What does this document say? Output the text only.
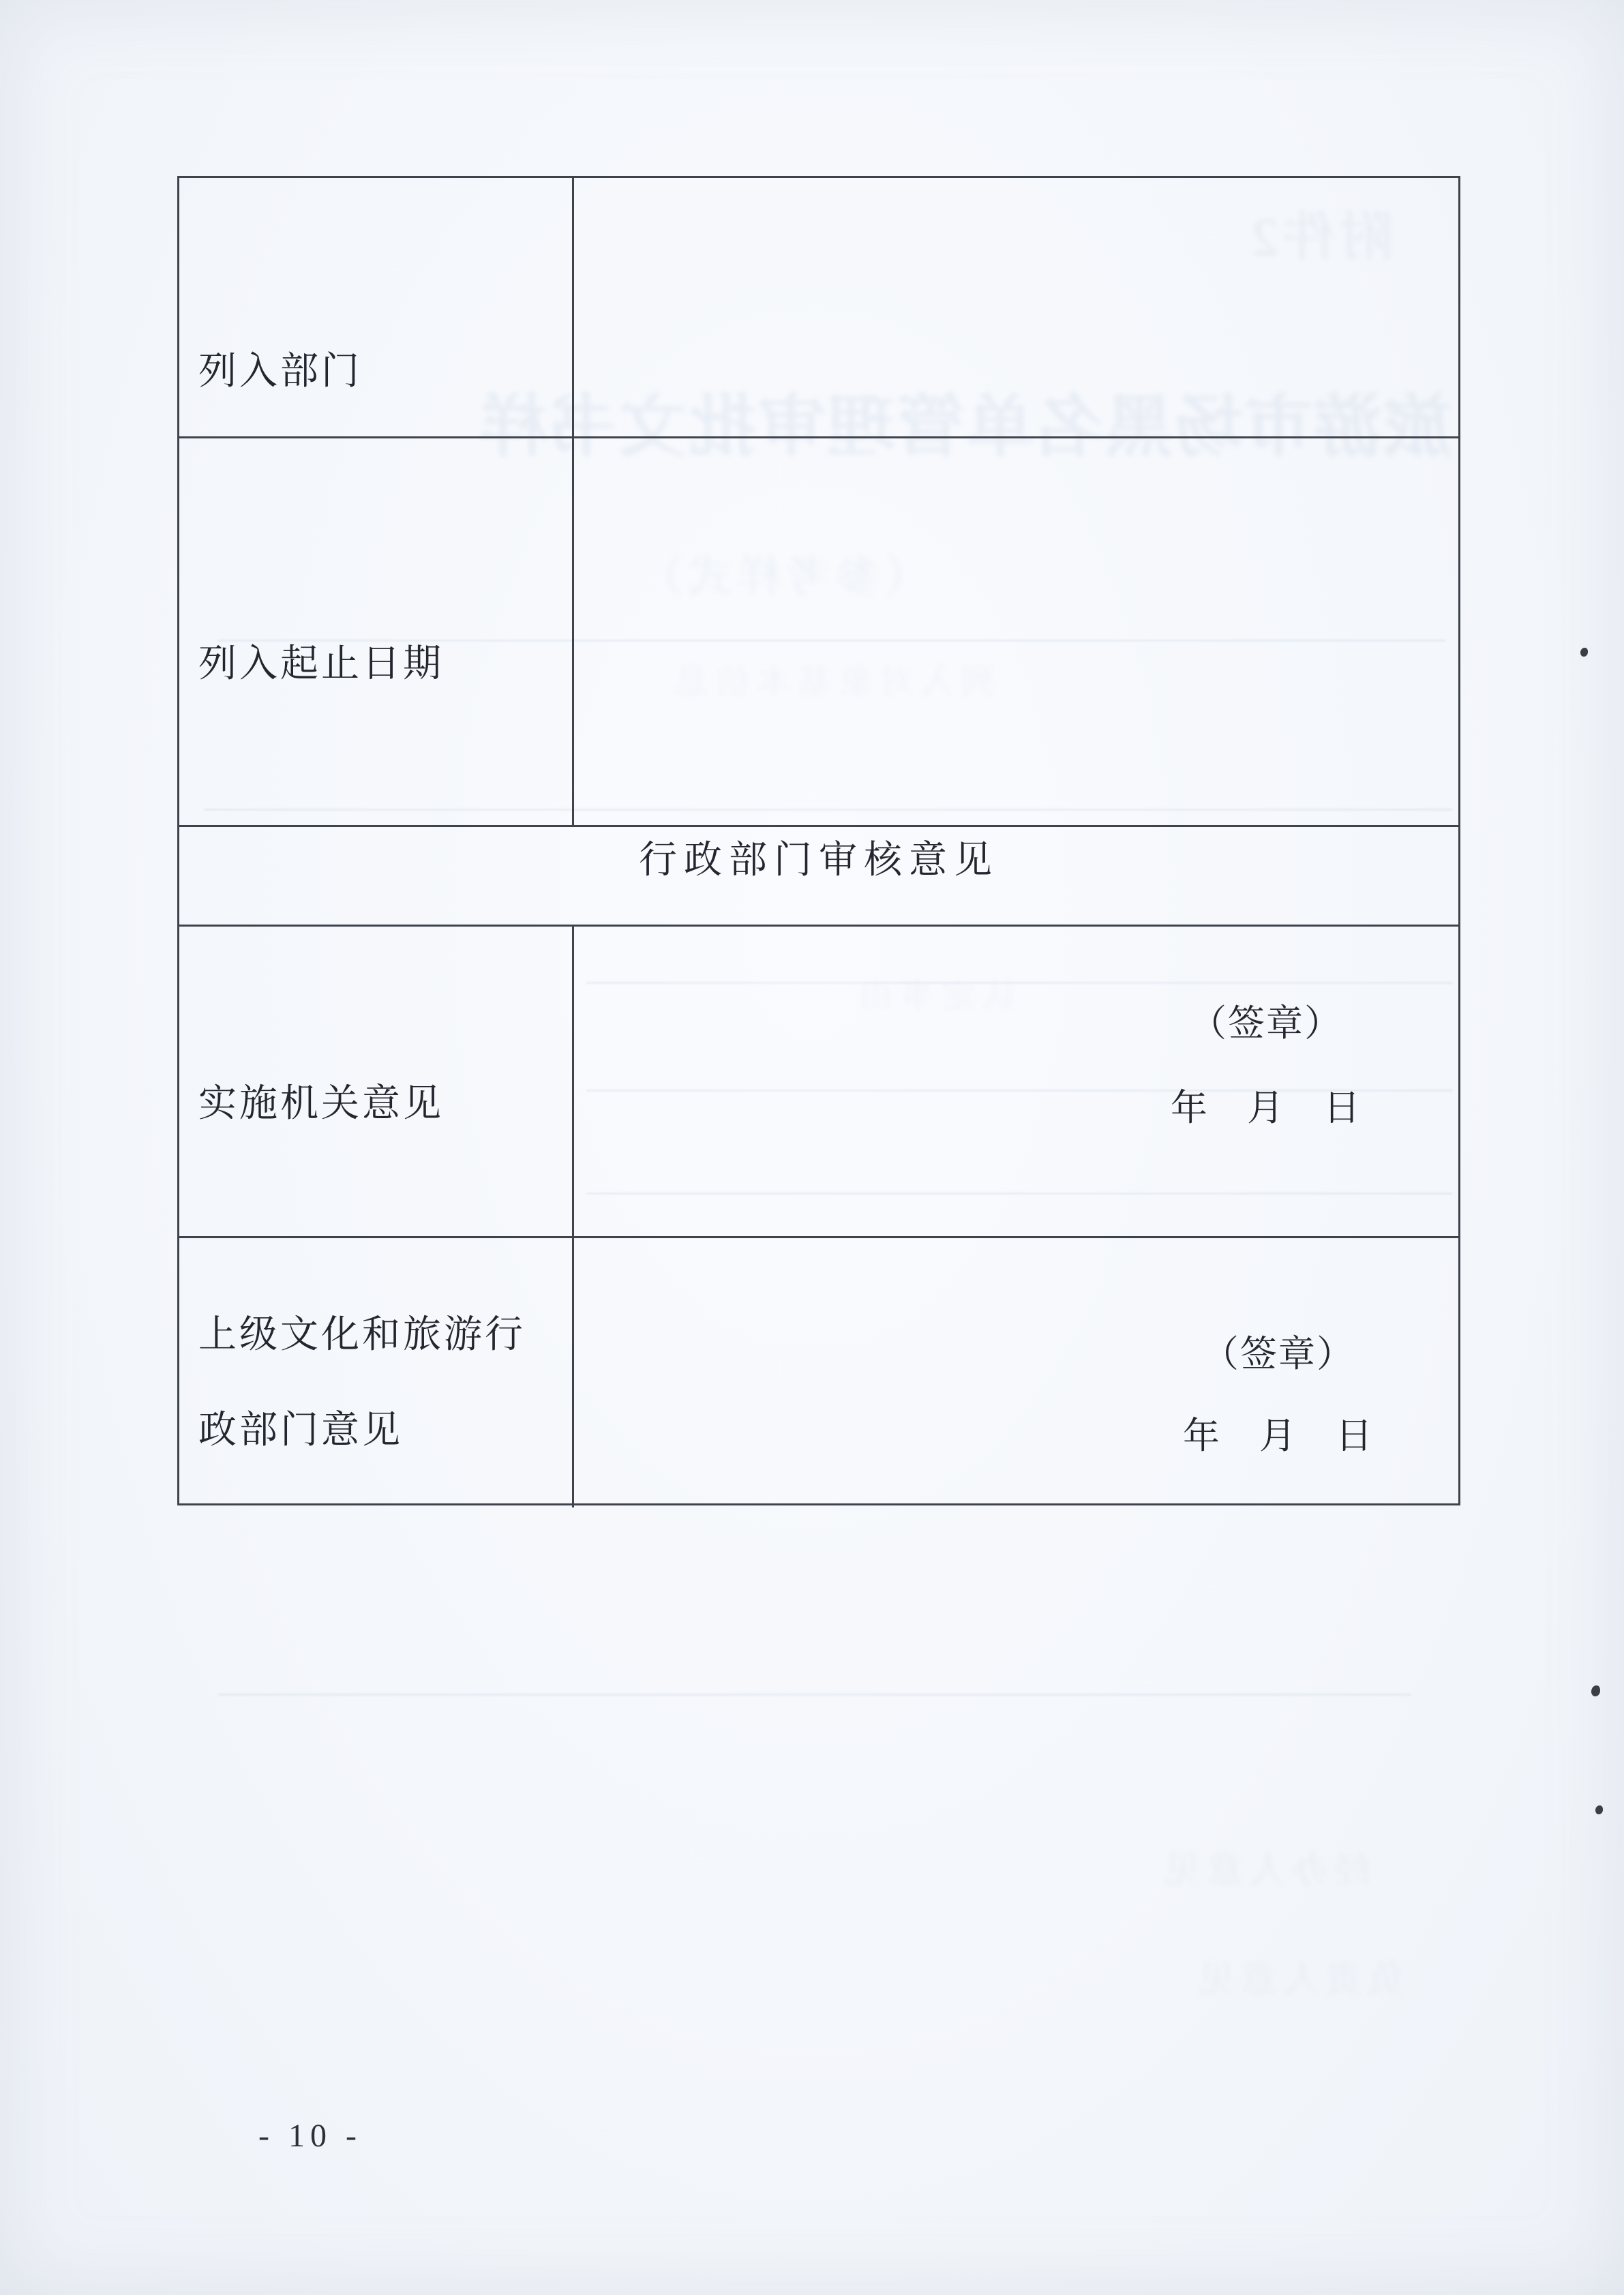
附件2
旅游市场黑名单管理审批文书样
（参考样式）
列入对象基本信息
认定事由
经办人意见
负责人意见
列入部门
列入起止日期
行政部门审核意见
实施机关意见
（签章）
年　月　日
上级文化和旅游行政部门意见
（签章）
年　月　日
- 10 -
